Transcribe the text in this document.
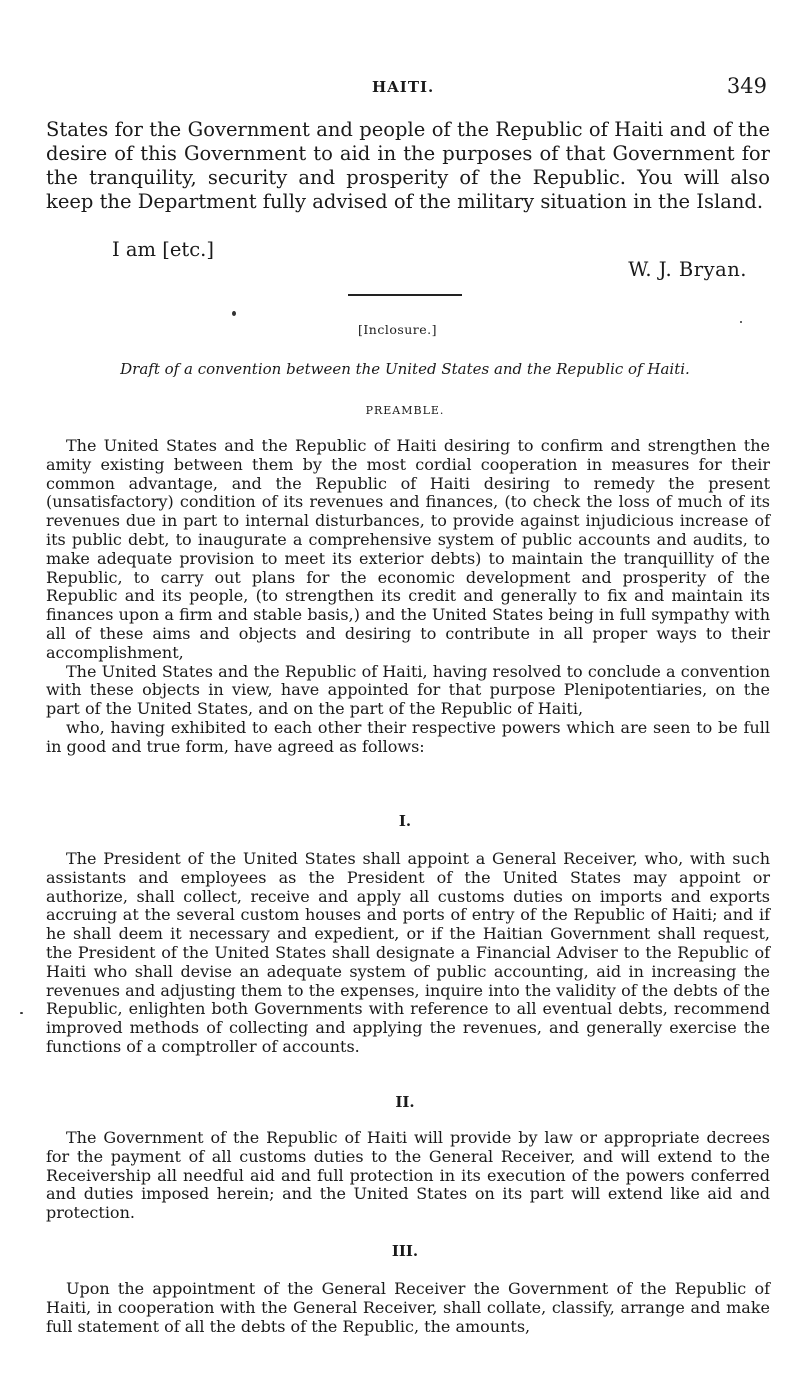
HAITI.	349
States for the Government and people of the Republic of Haiti and of the desire of this Government to aid in the purposes of that Government for the tranquility, security and prosperity of the Republic. You will also keep the Department fully advised of the military situation in the Island.
I am [etc.]
W. J. Bryan.
[Inclosure.]
Draft of a convention between the United States and the Republic of Haiti.
PREAMBLE.

The United States and the Republic of Haiti desiring to confirm and strengthen the amity existing between them by the most cordial cooperation in measures for their common advantage, and the Republic of Haiti desiring to remedy the present (unsatisfactory) condition of its revenues and finances, (to check the loss of much of its revenues due in part to internal disturbances, to provide against injudicious increase of its public debt, to inaugurate a comprehensive system of public accounts and audits, to make adequate provision to meet its exterior debts) to maintain the tranquillity of the Republic, to carry out plans for the economic development and prosperity of the Republic and its people, (to strengthen its credit and generally to fix and maintain its finances upon a firm and stable basis,) and the United States being in full sympathy with all of these aims and objects and desiring to contribute in all proper ways to their accomplishment,

The United States and the Republic of Haiti, having resolved to conclude a convention with these objects in view, have appointed for that purpose Plenipotentiaries, on the part of the United States, and on the part of the Republic of Haiti,

who, having exhibited to each other their respective powers which are seen to be full in good and true form, have agreed as follows:

I.

The President of the United States shall appoint a General Receiver, who, with such assistants and employees as the President of the United States may appoint or authorize, shall collect, receive and apply all customs duties on imports and exports accruing at the several custom houses and ports of entry of the Republic of Haiti; and if he shall deem it necessary and expedient, or if the Haitian Government shall request, the President of the United States shall designate a Financial Adviser to the Republic of Haiti who shall devise an adequate system of public accounting, aid in increasing the revenues and adjusting them to the expenses, inquire into the validity of the debts of the Republic, enlighten both Governments with reference to all eventual debts, recommend improved methods of collecting and applying the revenues, and generally exercise the functions of a comptroller of accounts.

II.

The Government of the Republic of Haiti will provide by law or appropriate decrees for the payment of all customs duties to the General Receiver, and will extend to the Receivership all needful aid and full protection in its execution of the powers conferred and duties imposed herein; and the United States on its part will extend like aid and protection.

III.

Upon the appointment of the General Receiver the Government of the Republic of Haiti, in cooperation with the General Receiver, shall collate, classify, arrange and make full statement of all the debts of the Republic, the amounts,
